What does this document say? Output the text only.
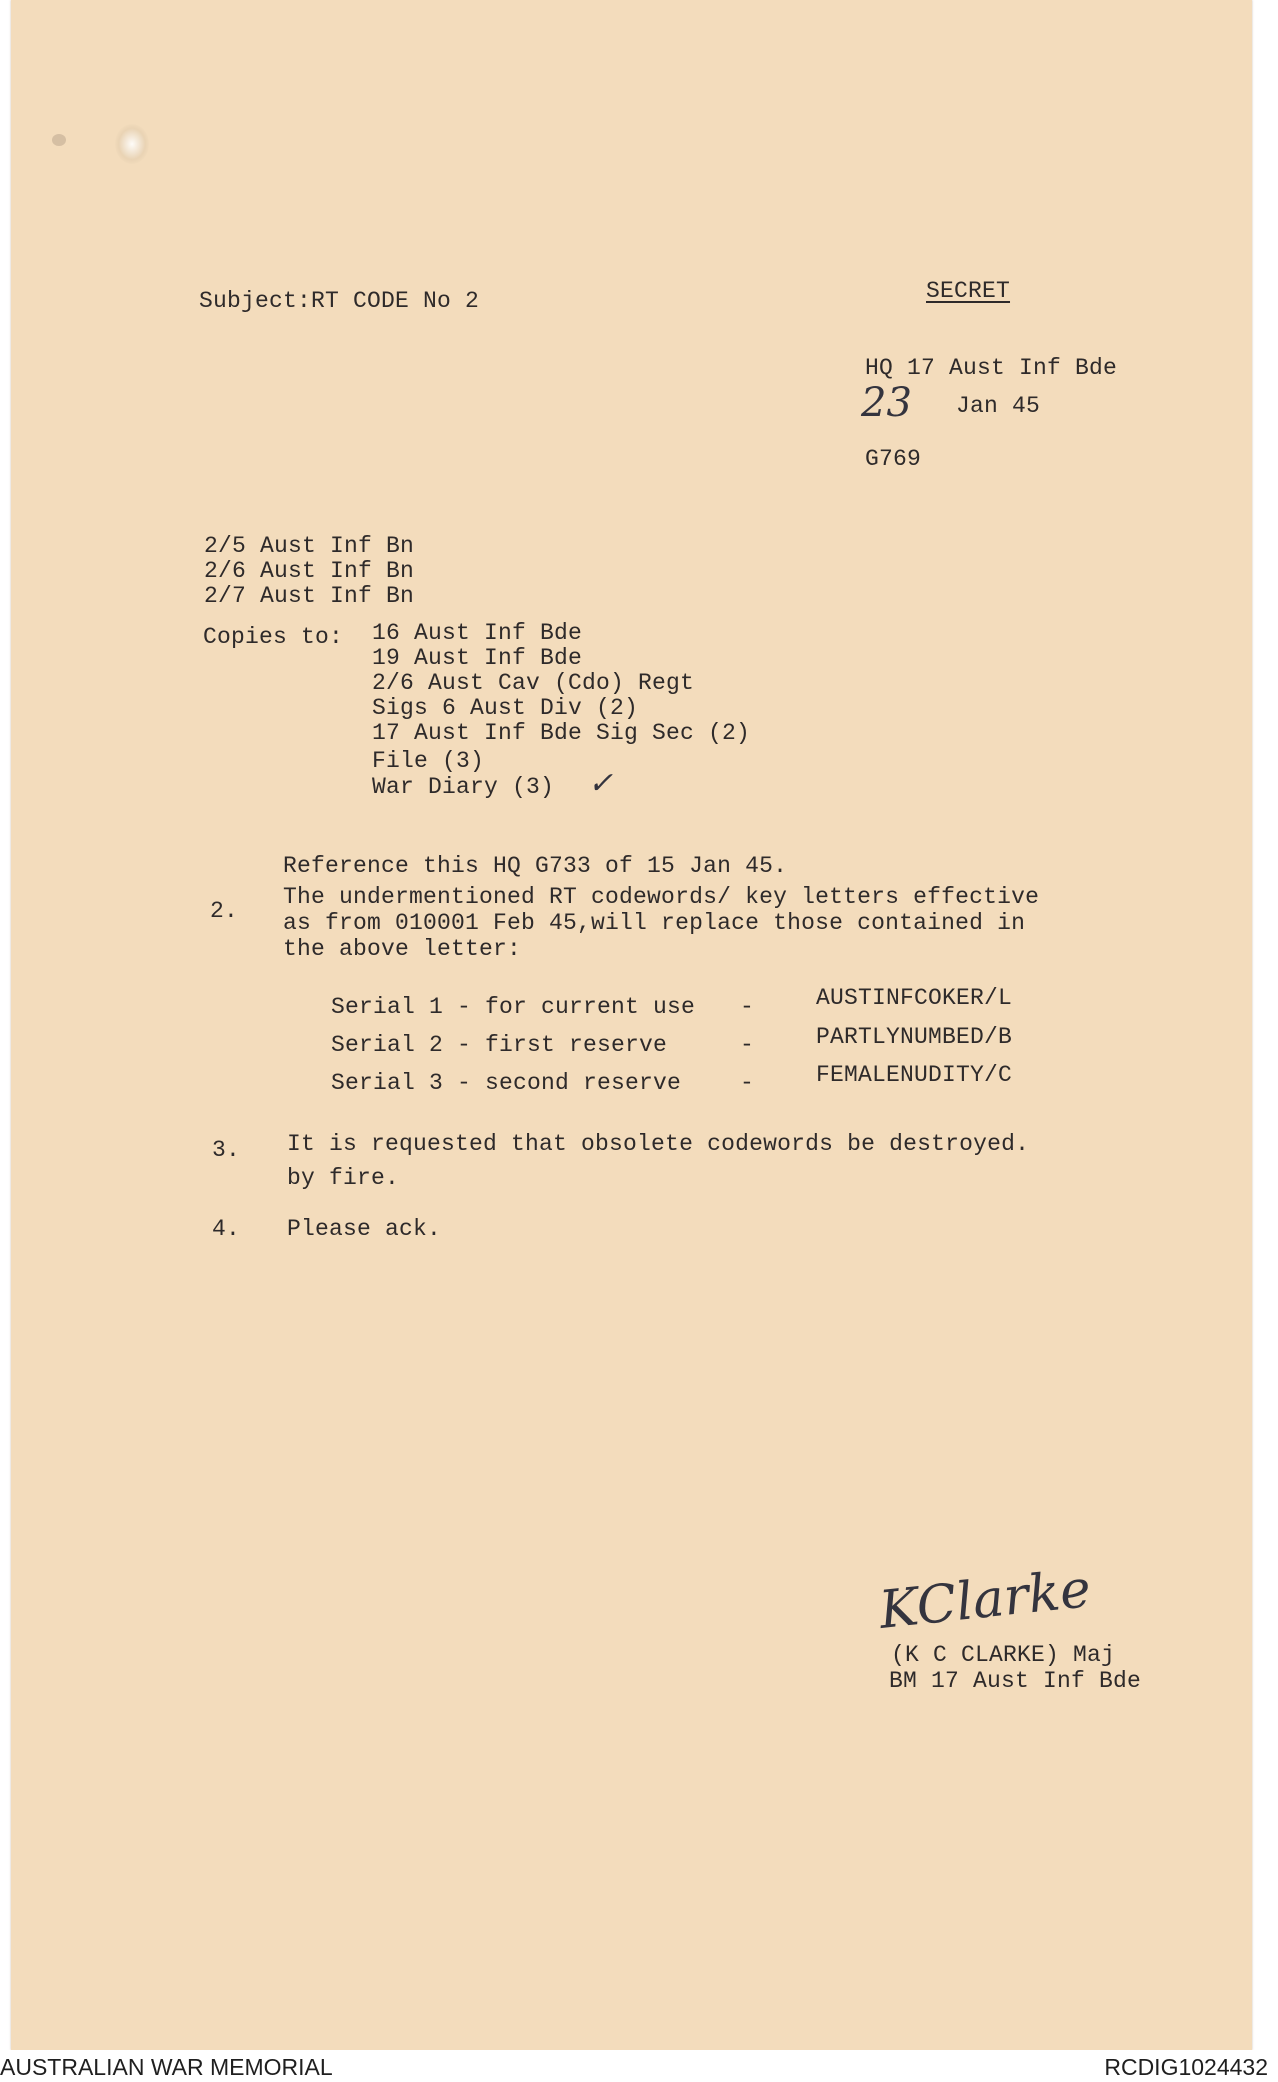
Subject:RT CODE No 2	SECRET
HQ 17 Aust Inf Bde
23 Jan 45
G769
2/5 Aust Inf Bn
2/6 Aust Inf Bn
2/7 Aust Inf Bn
Copies to: 16 Aust Inf Bde
19 Aust Inf Bde
2/6 Aust Cav (Cdo) Regt
Sigs 6 Aust Div (2)
17 Aust Inf Bde Sig Sec (2)
File (3)
War Diary (3) ✓
Reference this HQ G733 of 15 Jan 45.
2.
The undermentioned RT codewords/ key letters effective
as from 010001 Feb 45,will replace those contained in
the above letter:
Serial 1 - for current use -	AUSTINFCOKER/L
Serial 2 - first reserve	-	PARTLYNUMBED/B
Serial 3 - second reserve	-	FEMALENUDITY/C
3. It is requested that obsolete codewords be destroyed.
by fire.
4. Please ack.
KClarke
(K C CLARKE) Maj
BM 17 Aust Inf Bde
AUSTRALIAN WAR MEMORIAL	RCDIG1024432
